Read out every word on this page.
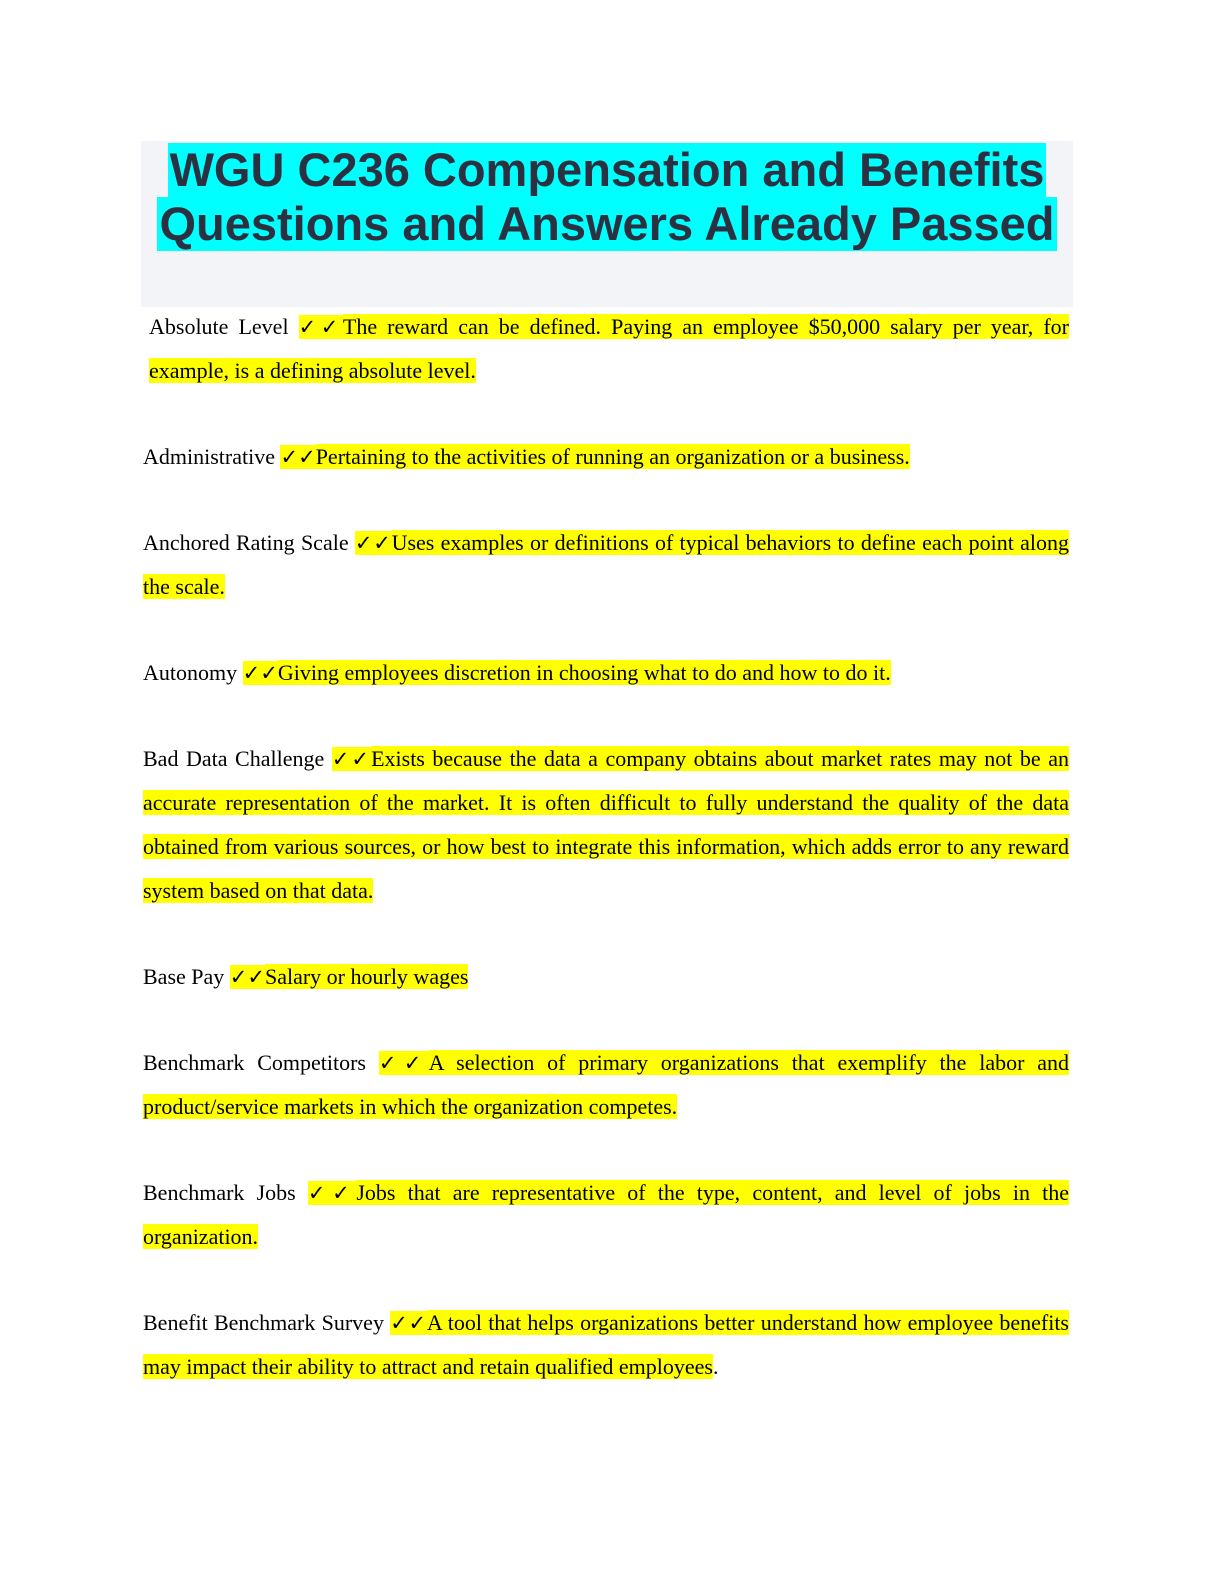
WGU C236 Compensation and Benefits
Questions and Answers Already Passed

Absolute Level ✓✓The reward can be defined. Paying an employee $50,000 salary per year, for example, is a defining absolute level.

Administrative ✓✓Pertaining to the activities of running an organization or a business.

Anchored Rating Scale ✓✓Uses examples or definitions of typical behaviors to define each point along the scale.

Autonomy ✓✓Giving employees discretion in choosing what to do and how to do it.

Bad Data Challenge ✓✓Exists because the data a company obtains about market rates may not be an accurate representation of the market. It is often difficult to fully understand the quality of the data obtained from various sources, or how best to integrate this information, which adds error to any reward system based on that data.

Base Pay ✓✓Salary or hourly wages

Benchmark Competitors ✓✓A selection of primary organizations that exemplify the labor and product/service markets in which the organization competes.

Benchmark Jobs ✓✓Jobs that are representative of the type, content, and level of jobs in the organization.

Benefit Benchmark Survey ✓✓A tool that helps organizations better understand how employee benefits may impact their ability to attract and retain qualified employees.
